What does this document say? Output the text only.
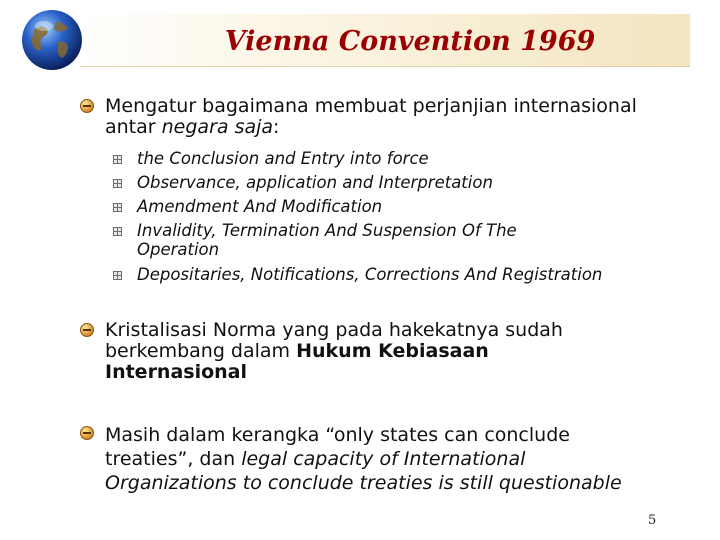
Vienna Convention 1969

Mengatur bagaimana membuat perjanjian internasional antar negara saja:

the Conclusion and Entry into force

Observance, application and Interpretation

Amendment And Modification

Invalidity, Termination And Suspension Of The Operation

Depositaries, Notifications, Corrections And Registration

Kristalisasi Norma yang pada hakekatnya sudah berkembang dalam Hukum Kebiasaan Internasional

Masih dalam kerangka “only states can conclude treaties”, dan legal capacity of International Organizations to conclude treaties is still questionable

5
